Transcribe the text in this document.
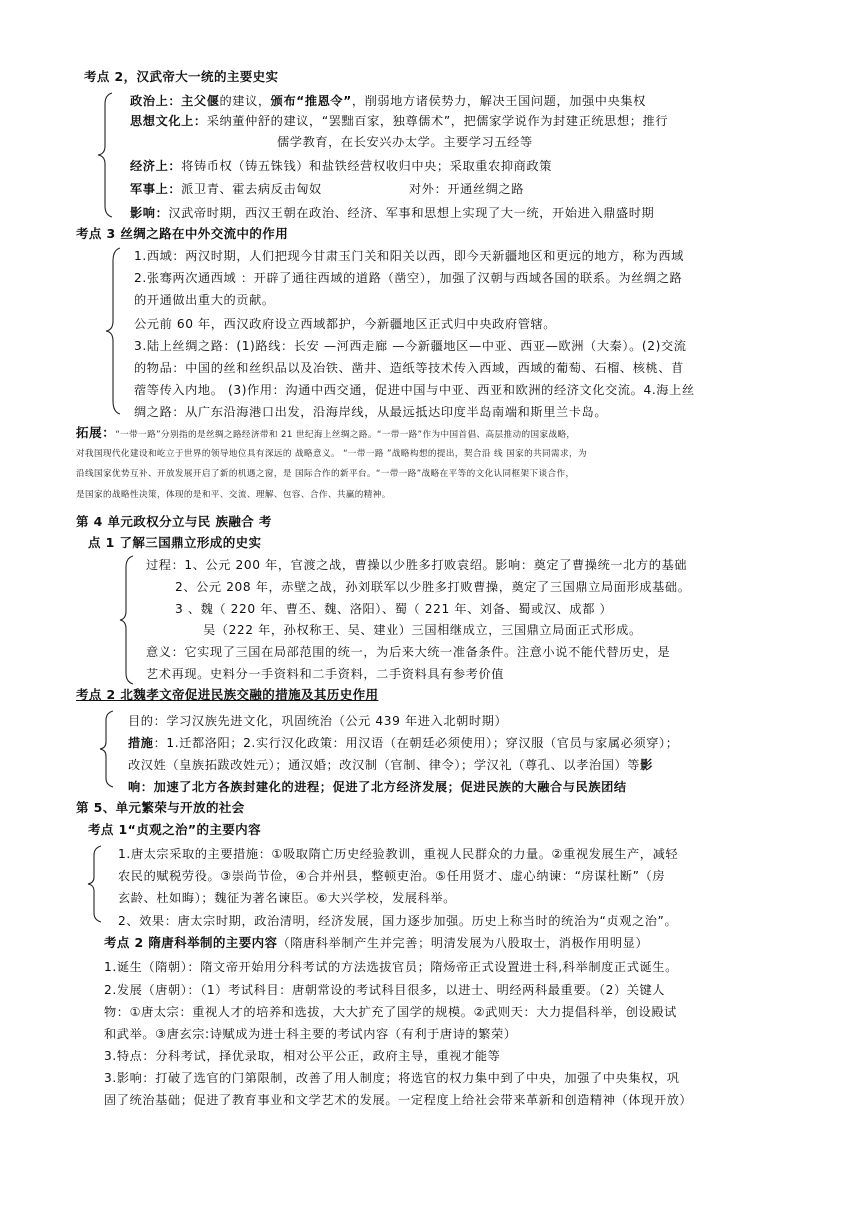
考点 2，汉武帝大一统的主要史实
政治上：主父偃的建议，颁布“推恩令”，削弱地方诸侯势力，解决王国问题，加强中央集权
思想文化上：采纳董仲舒的建议，“罢黜百家，独尊儒术”，把儒家学说作为封建正统思想；推行
儒学教育，在长安兴办太学。主要学习五经等
经济上：将铸币权（铸五铢钱）和盐铁经营权收归中央；采取重农抑商政策
军事上：派卫青、霍去病反击匈奴	对外：开通丝绸之路
影响：汉武帝时期，西汉王朝在政治、经济、军事和思想上实现了大一统，开始进入鼎盛时期
考点 3 丝绸之路在中外交流中的作用
1.西域：两汉时期，人们把现今甘肃玉门关和阳关以西，即今天新疆地区和更远的地方，称为西域
2.张骞两次通西域 ：开辟了通往西域的道路（凿空），加强了汉朝与西域各国的联系。为丝绸之路
的开通做出重大的贡献。
公元前 60 年，西汉政府设立西域都护，今新疆地区正式归中央政府管辖。
3.陆上丝绸之路：(1)路线：长安 —河西走廊 —今新疆地区—中亚、西亚—欧洲（大秦）。(2)交流
的物品：中国的丝和丝织品以及冶铁、凿井、造纸等技术传入西域，西域的葡萄、石榴、核桃、苜
蓿等传入内地。 (3)作用：沟通中西交通，促进中国与中亚、西亚和欧洲的经济文化交流。4.海上丝
绸之路：从广东沿海港口出发，沿海岸线，从最远抵达印度半岛南端和斯里兰卡岛。
拓展：“一带一路”分别指的是丝绸之路经济带和 21 世纪海上丝绸之路。“一带一路”作为中国首倡、高层推动的国家战略，
对我国现代化建设和屹立于世界的领导地位具有深远的 战略意义。 “一带一路 ”战略构想的提出，契合沿 线 国家的共同需求，为
沿线国家优势互补、开放发展开启了新的机遇之窗，是 国际合作的新平台。“一带一路”战略在平等的文化认同框架下谈合作，
是国家的战略性决策，体现的是和平、交流、理解、包容、合作、共赢的精神。
第 4 单元政权分立与民 族融合 考
点 1 了解三国鼎立形成的史实
过程：1、公元 200 年，官渡之战，曹操以少胜多打败袁绍。影响：奠定了曹操统一北方的基础
2、公元 208 年，赤壁之战，孙刘联军以少胜多打败曹操，奠定了三国鼎立局面形成基础。
3 、魏（ 220 年、曹丕、魏、洛阳）、蜀（ 221 年、刘备、蜀或汉、成都 ）
吴（222 年，孙权称王、吴、建业）三国相继成立，三国鼎立局面正式形成。
意义：它实现了三国在局部范围的统一，为后来大统一准备条件。注意小说不能代替历史，是
艺术再现。史料分一手资料和二手资料，二手资料具有参考价值
考点 2 北魏孝文帝促进民族交融的措施及其历史作用
目的：学习汉族先进文化，巩固统治（公元 439 年进入北朝时期）
措施：1.迁都洛阳；2.实行汉化政策：用汉语（在朝廷必须使用）；穿汉服（官员与家属必须穿）；
改汉姓（皇族拓跋改姓元）；通汉婚；改汉制（官制、律令）；学汉礼（尊孔、以孝治国）等影
响：加速了北方各族封建化的进程；促进了北方经济发展；促进民族的大融合与民族团结
第 5、单元繁荣与开放的社会
考点 1“贞观之治”的主要内容
1.唐太宗采取的主要措施：①吸取隋亡历史经验教训，重视人民群众的力量。②重视发展生产，减轻
农民的赋税劳役。③崇尚节俭，④合并州县，整顿吏治。⑤任用贤才、虚心纳谏：“房谋杜断”（房
玄龄、杜如晦）；魏征为著名谏臣。⑥大兴学校，发展科举。
2、效果：唐太宗时期，政治清明，经济发展，国力逐步加强。历史上称当时的统治为“贞观之治”。
考点 2 隋唐科举制的主要内容（隋唐科举制产生并完善；明清发展为八股取士，消极作用明显）
1.诞生（隋朝）：隋文帝开始用分科考试的方法选拔官员；隋炀帝正式设置进士科,科举制度正式诞生。
2.发展（唐朝）：（1）考试科目：唐朝常设的考试科目很多，以进士、明经两科最重要。（2）关键人
物：①唐太宗：重视人才的培养和选拔，大大扩充了国学的规模。②武则天：大力提倡科举，创设殿试
和武举。③唐玄宗:诗赋成为进士科主要的考试内容（有利于唐诗的繁荣）
3.特点：分科考试，择优录取，相对公平公正，政府主导，重视才能等
3.影响：打破了选官的门第限制，改善了用人制度；将选官的权力集中到了中央，加强了中央集权，巩
固了统治基础；促进了教育事业和文学艺术的发展。一定程度上给社会带来革新和创造精神（体现开放）
